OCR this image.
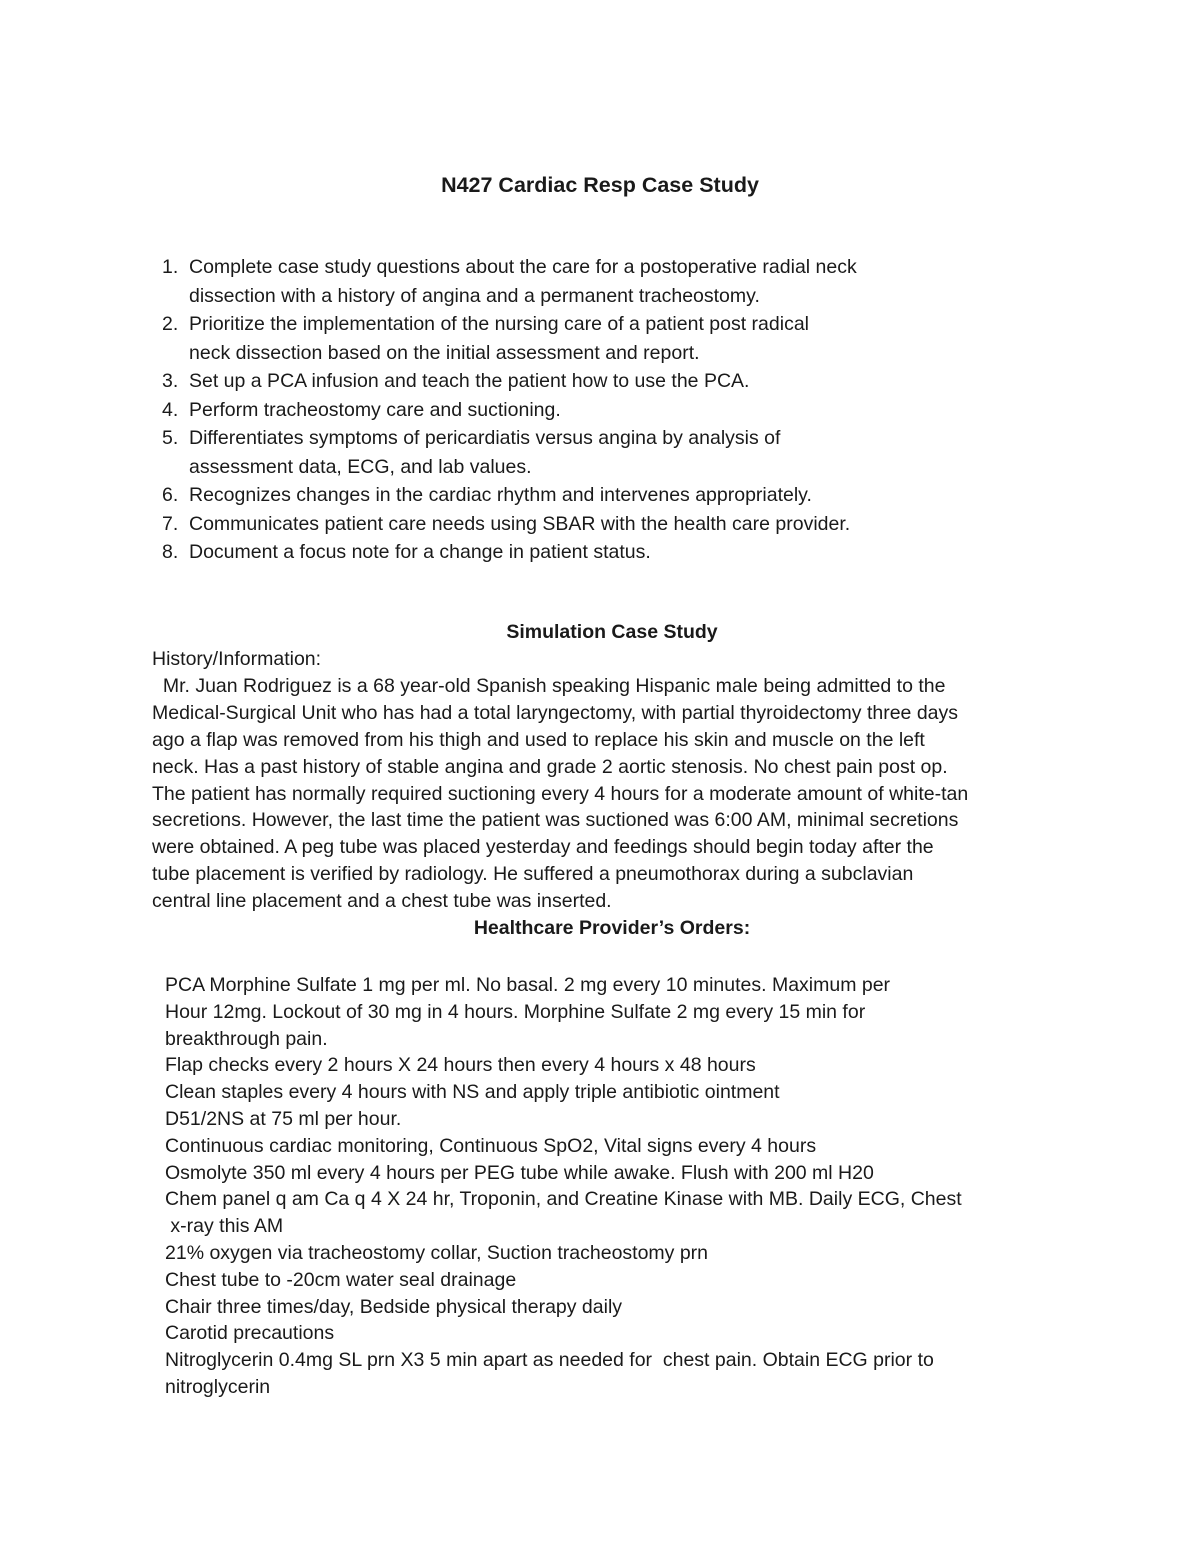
N427 Cardiac Resp Case Study
1. Complete case study questions about the care for a postoperative radial neck
dissection with a history of angina and a permanent tracheostomy.
2. Prioritize the implementation of the nursing care of a patient post radical
neck dissection based on the initial assessment and report.
3. Set up a PCA infusion and teach the patient how to use the PCA.
4. Perform tracheostomy care and suctioning.
5. Differentiates symptoms of pericardiatis versus angina by analysis of
assessment data, ECG, and lab values.
6. Recognizes changes in the cardiac rhythm and intervenes appropriately.
7. Communicates patient care needs using SBAR with the health care provider.
8. Document a focus note for a change in patient status.
Simulation Case Study
History/Information:
Mr. Juan Rodriguez is a 68 year-old Spanish speaking Hispanic male being admitted to the
Medical-Surgical Unit who has had a total laryngectomy, with partial thyroidectomy three days
ago a flap was removed from his thigh and used to replace his skin and muscle on the left
neck. Has a past history of stable angina and grade 2 aortic stenosis. No chest pain post op.
The patient has normally required suctioning every 4 hours for a moderate amount of white-tan
secretions. However, the last time the patient was suctioned was 6:00 AM, minimal secretions
were obtained. A peg tube was placed yesterday and feedings should begin today after the
tube placement is verified by radiology. He suffered a pneumothorax during a subclavian
central line placement and a chest tube was inserted.
Healthcare Provider’s Orders:
PCA Morphine Sulfate 1 mg per ml. No basal. 2 mg every 10 minutes. Maximum per
Hour 12mg. Lockout of 30 mg in 4 hours. Morphine Sulfate 2 mg every 15 min for
breakthrough pain.
Flap checks every 2 hours X 24 hours then every 4 hours x 48 hours
Clean staples every 4 hours with NS and apply triple antibiotic ointment
D51/2NS at 75 ml per hour.
Continuous cardiac monitoring, Continuous SpO2, Vital signs every 4 hours
Osmolyte 350 ml every 4 hours per PEG tube while awake. Flush with 200 ml H20
Chem panel q am Ca q 4 X 24 hr, Troponin, and Creatine Kinase with MB. Daily ECG, Chest
x-ray this AM
21% oxygen via tracheostomy collar, Suction tracheostomy prn
Chest tube to -20cm water seal drainage
Chair three times/day, Bedside physical therapy daily
Carotid precautions
Nitroglycerin 0.4mg SL prn X3 5 min apart as needed for  chest pain. Obtain ECG prior to
nitroglycerin
